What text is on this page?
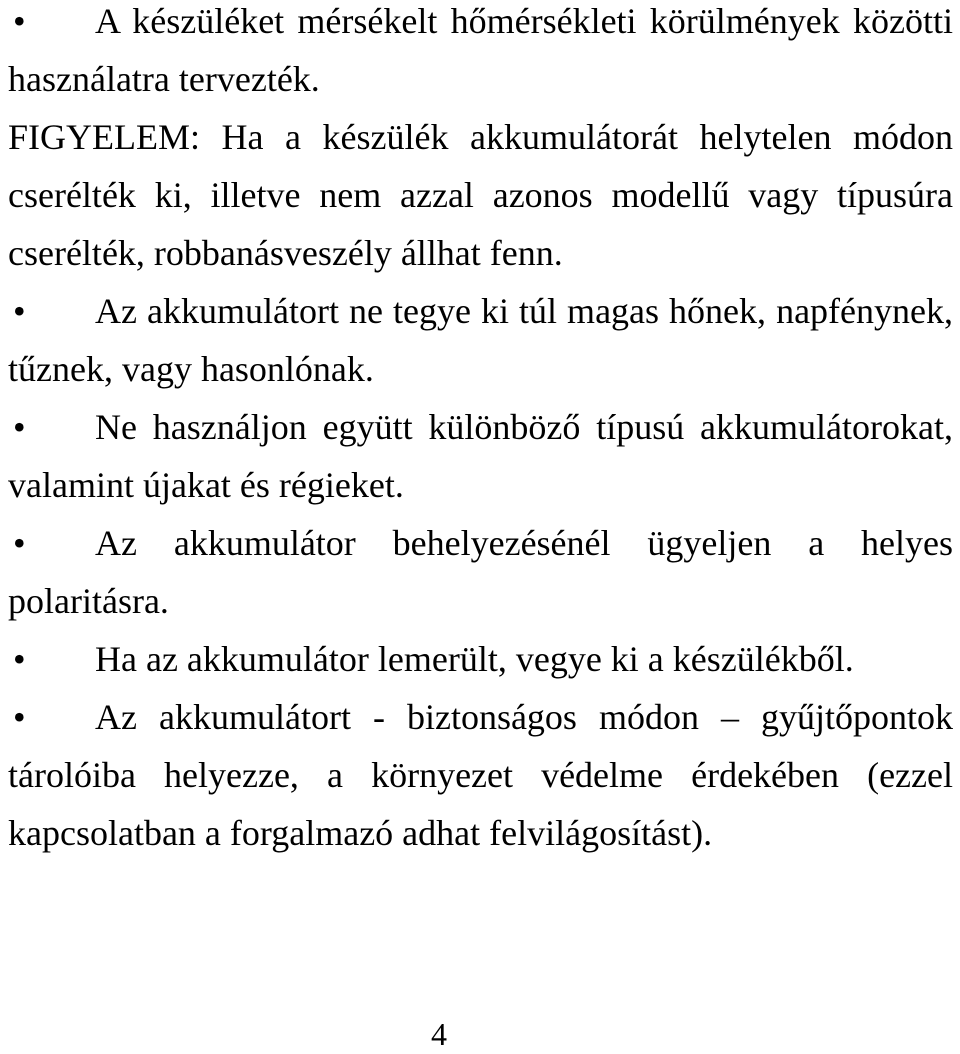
• A készüléket mérsékelt hőmérsékleti körülmények közötti használatra tervezték.

FIGYELEM: Ha a készülék akkumulátorát helytelen módon cserélték ki, illetve nem azzal azonos modellű vagy típusúra cserélték, robbanásveszély állhat fenn.

• Az akkumulátort ne tegye ki túl magas hőnek, napfénynek, tűznek, vagy hasonlónak.

• Ne használjon együtt különböző típusú akkumulátorokat, valamint újakat és régieket.

• Az akkumulátor behelyezésénél ügyeljen a helyes polaritásra.

• Ha az akkumulátor lemerült, vegye ki a készülékből.

• Az akkumulátort - biztonságos módon – gyűjtőpontok tárolóiba helyezze, a környezet védelme érdekében (ezzel kapcsolatban a forgalmazó adhat felvilágosítást).

4
